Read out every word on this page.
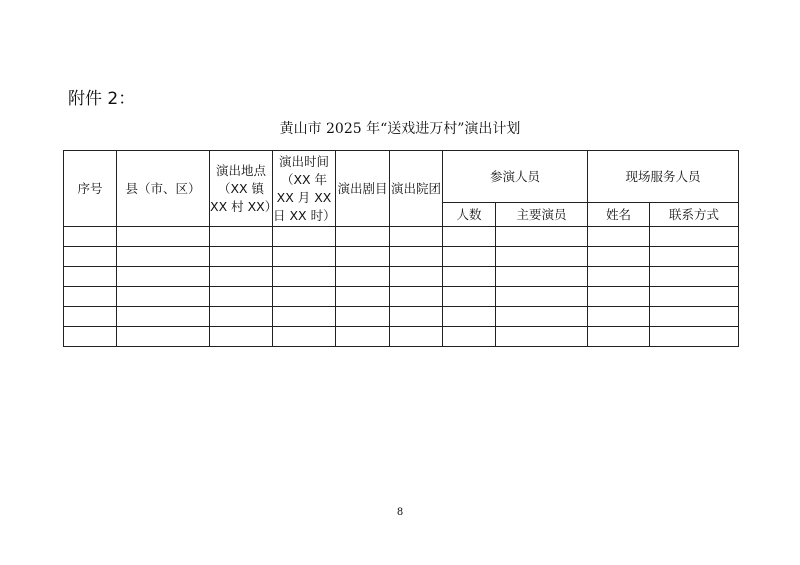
附件 2：
黄山市 2025 年“送戏进万村”演出计划
序号	县（市、区）	演出地点（XX 镇 XX 村 XX）	演出时间（XX 年 XX 月 XX 日 XX 时）	演出剧目	演出院团	参演人员		现场服务人员	
						人数	主要演员	姓名	联系方式

8
